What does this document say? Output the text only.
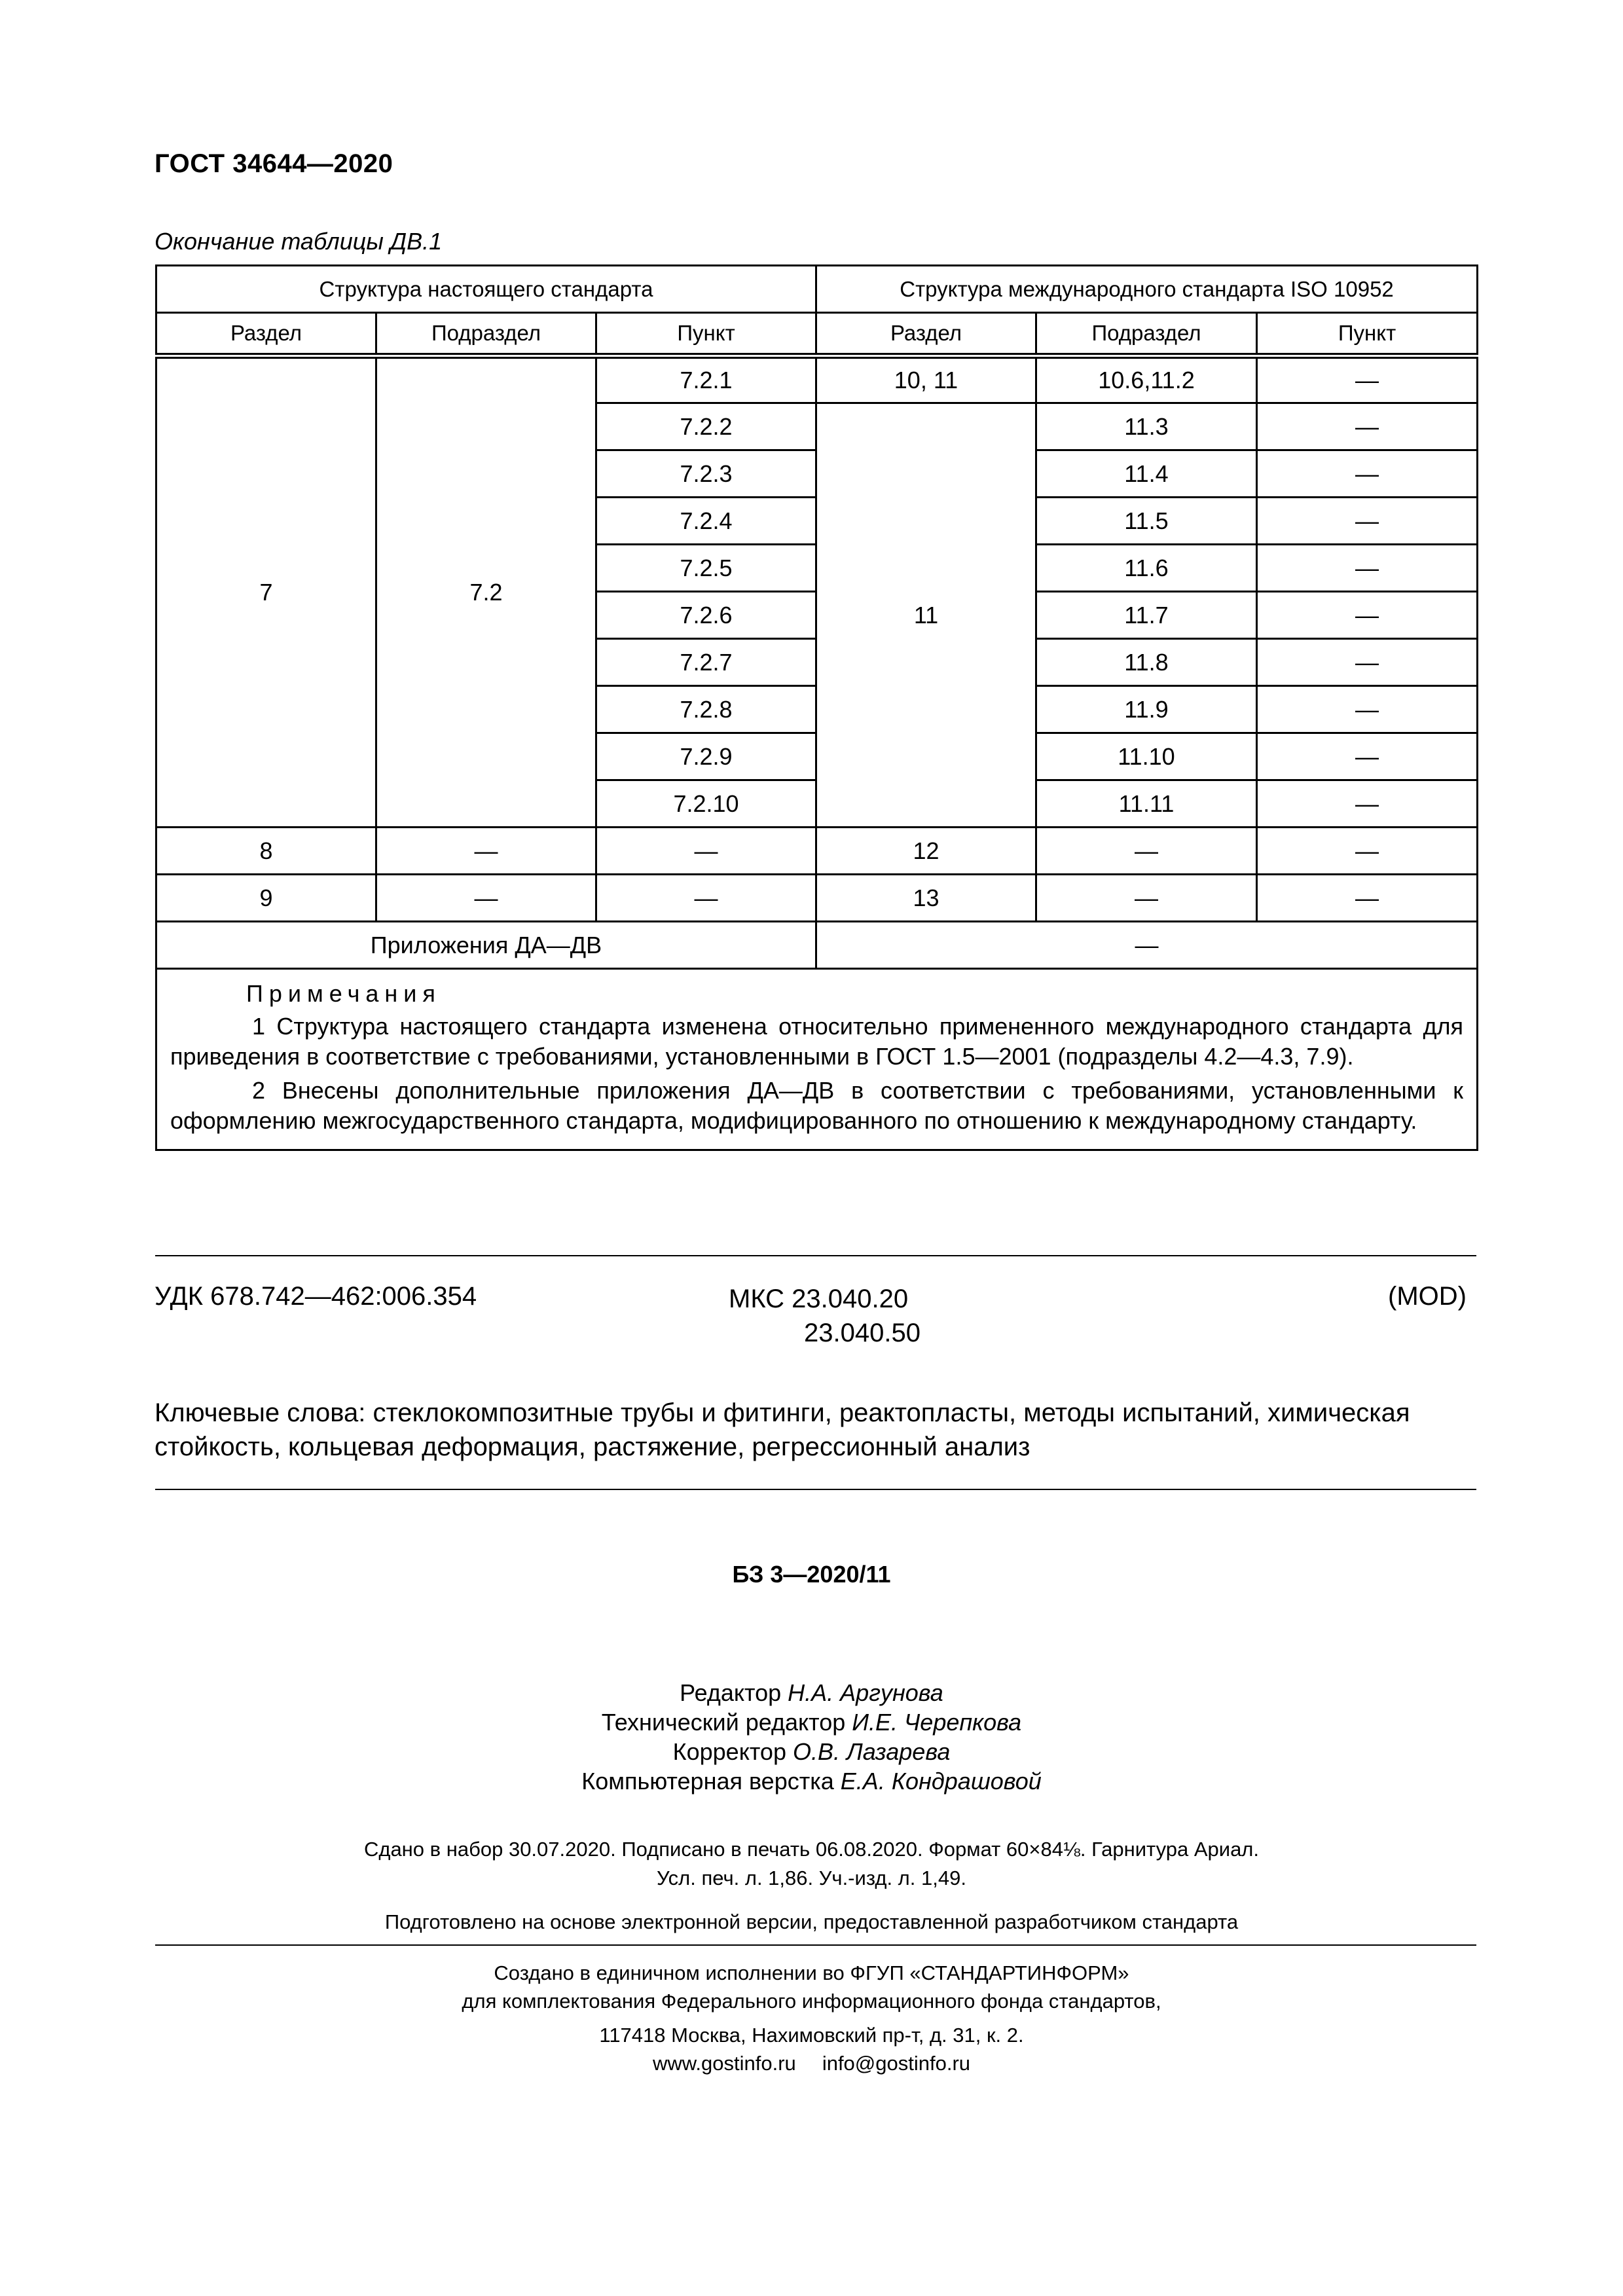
ГОСТ 34644—2020
Окончание таблицы ДВ.1
Структура настоящего стандарта			Структура международного стандарта ISO 10952		
Раздел	Подраздел	Пункт	Раздел	Подраздел	Пункт
7	7.2	7.2.1	10, 11	10.6,11.2	—
		7.2.2	11	11.3	—
		7.2.3		11.4	—
		7.2.4		11.5	—
		7.2.5		11.6	—
		7.2.6		11.7	—
		7.2.7		11.8	—
		7.2.8		11.9	—
		7.2.9		11.10	—
		7.2.10		11.11	—
8	—	—	12	—	—
9	—	—	13	—	—
Приложения ДА—ДВ			—		

Примечания
1 Структура настоящего стандарта изменена относительно примененного международного стандарта для приведения в соответствие с требованиями, установленными в ГОСТ 1.5—2001 (подразделы 4.2—4.3, 7.9).
2 Внесены дополнительные приложения ДА—ДВ в соответствии с требованиями, установленными к оформлению межгосударственного стандарта, модифицированного по отношению к международному стандарту.					
УДК 678.742—462:006.354	МКС 23.040.20
23.040.50
(MOD)
Ключевые слова: стеклокомпозитные трубы и фитинги, реактопласты, методы испытаний, химическая стойкость, кольцевая деформация, растяжение, регрессионный анализ
БЗ 3—2020/11
Редактор Н.А. Аргунова
Технический редактор И.Е. Черепкова
Корректор О.В. Лазарева
Компьютерная верстка Е.А. Кондрашовой
Сдано в набор 30.07.2020. Подписано в печать 06.08.2020. Формат 60×84⅛. Гарнитура Ариал.
Усл. печ. л. 1,86. Уч.-изд. л. 1,49.
Подготовлено на основе электронной версии, предоставленной разработчиком стандарта
Создано в единичном исполнении во ФГУП «СТАНДАРТИНФОРМ»
для комплектования Федерального информационного фонда стандартов,
117418 Москва, Нахимовский пр-т, д. 31, к. 2.
www.gostinfo.ru info@gostinfo.ru
